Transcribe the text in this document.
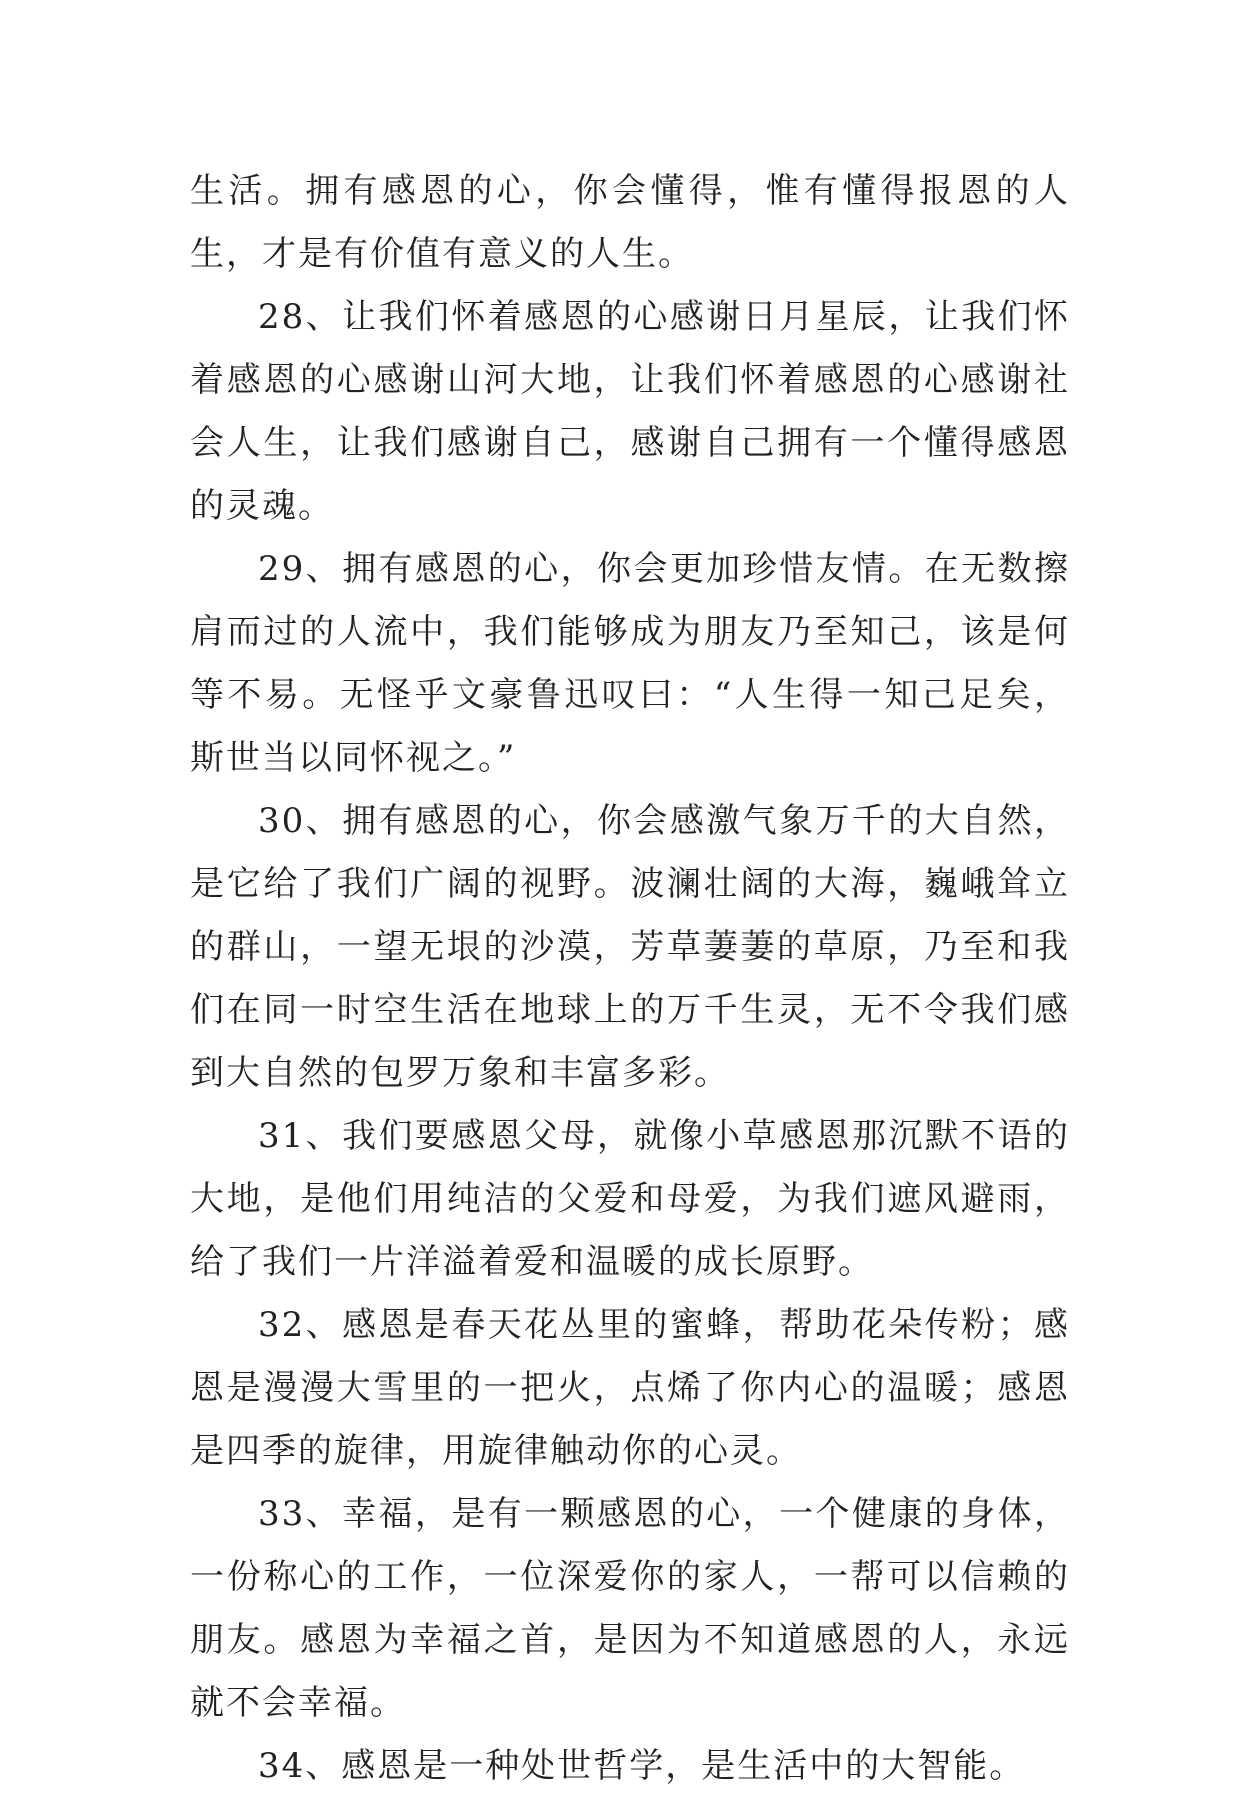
生活。拥有感恩的心，你会懂得，惟有懂得报恩的人生，才是有价值有意义的人生。

28、让我们怀着感恩的心感谢日月星辰，让我们怀着感恩的心感谢山河大地，让我们怀着感恩的心感谢社会人生，让我们感谢自己，感谢自己拥有一个懂得感恩的灵魂。

29、拥有感恩的心，你会更加珍惜友情。在无数擦肩而过的人流中，我们能够成为朋友乃至知己，该是何等不易。无怪乎文豪鲁迅叹曰：“人生得一知己足矣，斯世当以同怀视之。”

30、拥有感恩的心，你会感激气象万千的大自然，是它给了我们广阔的视野。波澜壮阔的大海，巍峨耸立的群山，一望无垠的沙漠，芳草萋萋的草原，乃至和我们在同一时空生活在地球上的万千生灵，无不令我们感到大自然的包罗万象和丰富多彩。

31、我们要感恩父母，就像小草感恩那沉默不语的大地，是他们用纯洁的父爱和母爱，为我们遮风避雨，给了我们一片洋溢着爱和温暖的成长原野。

32、感恩是春天花丛里的蜜蜂，帮助花朵传粉；感恩是漫漫大雪里的一把火，点烯了你内心的温暖；感恩是四季的旋律，用旋律触动你的心灵。

33、幸福，是有一颗感恩的心，一个健康的身体，一份称心的工作，一位深爱你的家人，一帮可以信赖的朋友。感恩为幸福之首，是因为不知道感恩的人，永远就不会幸福。

34、感恩是一种处世哲学，是生活中的大智能。
